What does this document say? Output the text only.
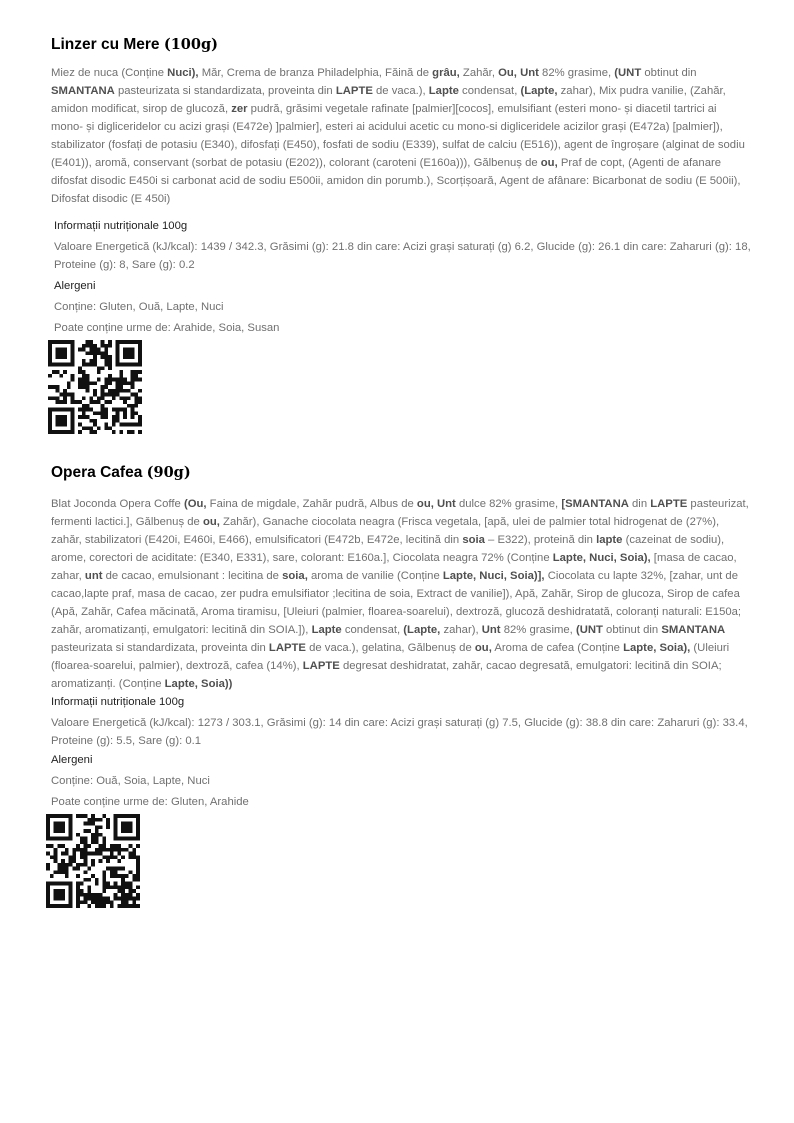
Linzer cu Mere (100g)

Miez de nuca (Conține Nuci), Măr, Crema de branza Philadelphia, Făină de grâu, Zahăr, Ou, Unt 82% grasime, (UNT obtinut din SMANTANA pasteurizata si standardizata, proveinta din LAPTE de vaca.), Lapte condensat, (Lapte, zahar), Mix pudra vanilie, (Zahăr, amidon modificat, sirop de glucoză, zer pudră, grăsimi vegetale rafinate [palmier][cocos], emulsifiant (esteri mono- și diacetil tartrici ai mono- și digliceridelor cu acizi grași (E472e) ]palmier], esteri ai acidului acetic cu mono-si digliceridele acizilor grași (E472a) [palmier]), stabilizator (fosfați de potasiu (E340), difosfați (E450), fosfati de sodiu (E339), sulfat de calciu (E516)), agent de îngroșare (alginat de sodiu (E401)), aromă, conservant (sorbat de potasiu (E202)), colorant (caroteni (E160a))), Gălbenuș de ou, Praf de copt, (Agenti de afanare difosfat disodic E450i si carbonat acid de sodiu E500ii, amidon din porumb.), Scorțișoară, Agent de afânare: Bicarbonat de sodiu (E 500ii), Difosfat disodic (E 450i)

Informații nutriționale 100g
Valoare Energetică (kJ/kcal): 1439 / 342.3, Grăsimi (g): 21.8 din care: Acizi grași saturați (g) 6.2, Glucide (g): 26.1 din care: Zaharuri (g): 18, Proteine (g): 8, Sare (g): 0.2
Alergeni
Conține: Gluten, Ouă, Lapte, Nuci
Poate conține urme de: Arahide, Soia, Susan
Opera Cafea (90g)

Blat Joconda Opera Coffe (Ou, Faina de migdale, Zahăr pudră, Albus de ou, Unt dulce 82% grasime, [SMANTANA din LAPTE pasteurizat, fermenti lactici.], Gălbenuș de ou, Zahăr), Ganache ciocolata neagra (Frisca vegetala, [apă, ulei de palmier total hidrogenat de (27%), zahăr, stabilizatori (E420i, E460i, E466), emulsificatori (E472b, E472e, lecitină din soia – E322), proteină din lapte (cazeinat de sodiu), arome, corectori de aciditate: (E340, E331), sare, colorant: E160a.], Ciocolata neagra 72% (Conține Lapte, Nuci, Soia), [masa de cacao, zahar, unt de cacao, emulsionant : lecitina de soia, aroma de vanilie (Conține Lapte, Nuci, Soia)], Ciocolata cu lapte 32%, [zahar, unt de cacao,lapte praf, masa de cacao, zer pudra emulsifiator ;lecitina de soia, Extract de vanilie]), Apă, Zahăr, Sirop de glucoza, Sirop de cafea (Apă, Zahăr, Cafea măcinată, Aroma tiramisu, [Uleiuri (palmier, floarea-soarelui), dextroză, glucoză deshidratată, coloranți naturali: E150a; zahăr, aromatizanți, emulgatori: lecitină din SOIA.]), Lapte condensat, (Lapte, zahar), Unt 82% grasime, (UNT obtinut din SMANTANA pasteurizata si standardizata, proveinta din LAPTE de vaca.), gelatina, Gălbenuș de ou, Aroma de cafea (Conține Lapte, Soia), (Uleiuri (floarea-soarelui, palmier), dextroză, cafea (14%), LAPTE degresat deshidratat, zahăr, cacao degresată, emulgatori: lecitină din SOIA; aromatizanți. (Conține Lapte, Soia))

Informații nutriționale 100g
Valoare Energetică (kJ/kcal): 1273 / 303.1, Grăsimi (g): 14 din care: Acizi grași saturați (g) 7.5, Glucide (g): 38.8 din care: Zaharuri (g): 33.4, Proteine (g): 5.5, Sare (g): 0.1
Alergeni
Conține: Ouă, Soia, Lapte, Nuci
Poate conține urme de: Gluten, Arahide
